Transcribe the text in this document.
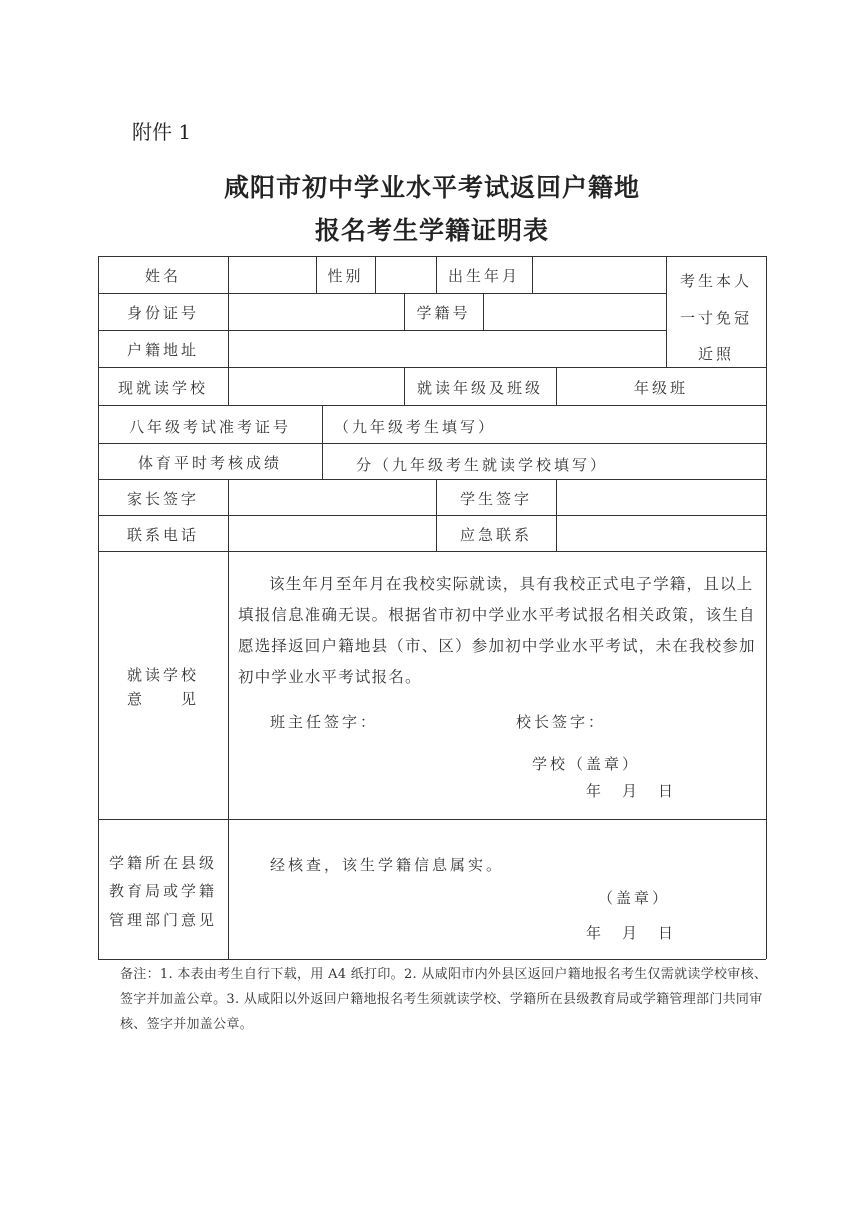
附件 1
咸阳市初中学业水平考试返回户籍地
报名考生学籍证明表
姓名	性别	出生年月	考生本人
一寸免冠
近照
身份证号	学籍号
户籍地址
现就读学校	就读年级及班级	年级班
八年级考试准考证号	（九年级考生填写）
体育平时考核成绩	分（九年级考生就读学校填写）
家长签字	学生签字
联系电话	应急联系
就读学校
意　　见

该生年月至年月在我校实际就读，具有我校正式电子学籍，且以上填报信息准确无误。根据省市初中学业水平考试报名相关政策，该生自愿选择返回户籍地县（市、区）参加初中学业水平考试，未在我校参加初中学业水平考试报名。

班主任签字：	校长签字：
学校（盖章）
年　月　日
学籍所在县级
教育局或学籍
管理部门意见
经核查，该生学籍信息属实。
（盖章）
年　月　日

备注：1. 本表由考生自行下载，用 A4 纸打印。2. 从咸阳市内外县区返回户籍地报名考生仅需就读学校审核、签字并加盖公章。3. 从咸阳以外返回户籍地报名考生须就读学校、学籍所在县级教育局或学籍管理部门共同审核、签字并加盖公章。
